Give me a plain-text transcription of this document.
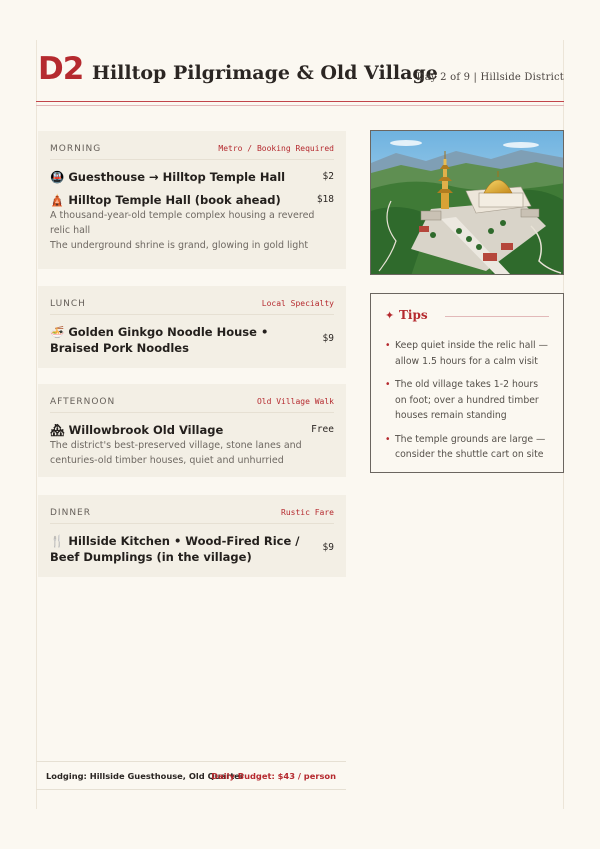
D2 Hilltop Pilgrimage & Old Village
Day 2 of 9 | Hillside District
MORNING	Metro / Booking Required
🚇 Guesthouse → Hilltop Temple Hall	$2
🛕 Hilltop Temple Hall (book ahead)	$18
A thousand-year-old temple complex housing a revered relic hall
The underground shrine is grand, glowing in gold light
LUNCH	Local Specialty
🍜 Golden Ginkgo Noodle House • Braised Pork Noodles
$9
AFTERNOON	Old Village Walk
🏘 Willowbrook Old Village	Free
The district's best-preserved village, stone lanes and centuries-old timber houses, quiet and unhurried
DINNER	Rustic Fare
🍴 Hillside Kitchen • Wood-Fired Rice / Beef Dumplings (in the village)
$9
✦ Tips
• Keep quiet inside the relic hall — allow 1.5 hours for a calm visit
• The old village takes 1-2 hours on foot; over a hundred timber houses remain standing
• The temple grounds are large — consider the shuttle cart on site
Lodging: Hillside Guesthouse, Old Quarter
Daily Budget: $43 / person
